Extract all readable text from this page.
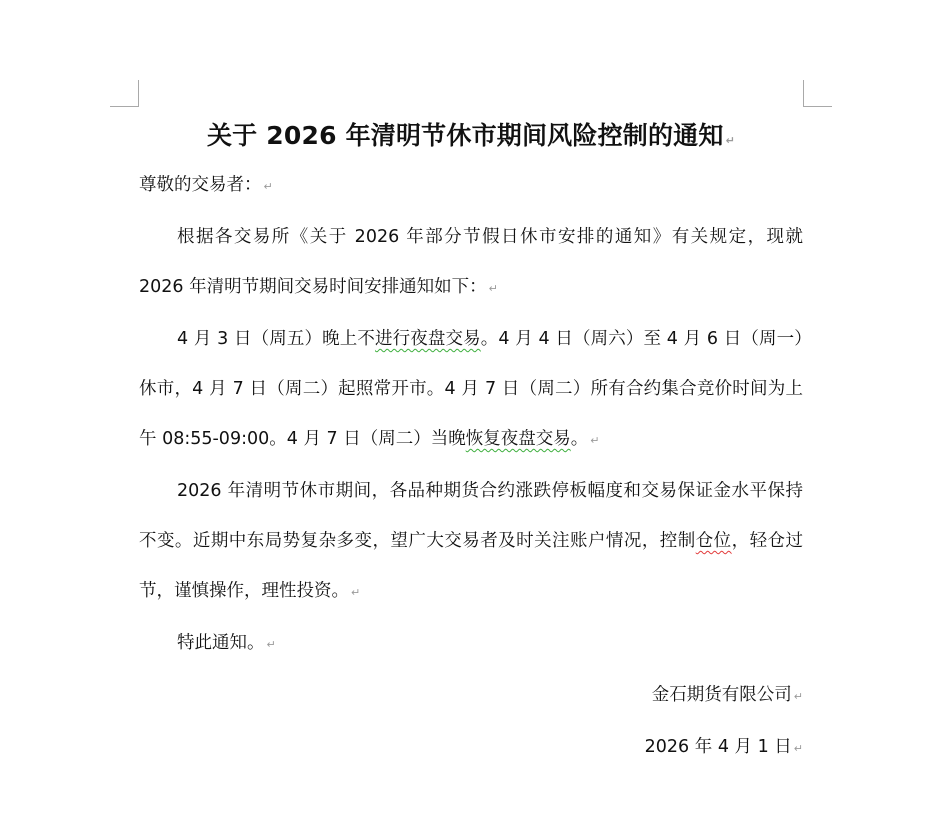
关于 2026 年清明节休市期间风险控制的通知 ↵

尊敬的交易者： ↵

根据各交易所《关于 2026 年部分节假日休市安排的通知》有关规定，现就 2026 年清明节期间交易时间安排通知如下： ↵

4 月 3 日（周五）晚上不进行夜盘交易。4 月 4 日（周六）至 4 月 6 日（周一）休市，4 月 7 日（周二）起照常开市。4 月 7 日（周二）所有合约集合竞价时间为上午 08:55-09:00。4 月 7 日（周二）当晚恢复夜盘交易。 ↵

2026 年清明节休市期间，各品种期货合约涨跌停板幅度和交易保证金水平保持不变。近期中东局势复杂多变，望广大交易者及时关注账户情况，控制仓位，轻仓过节，谨慎操作，理性投资。 ↵

特此通知。 ↵

金石期货有限公司 ↵

2026 年 4 月 1 日 ↵
